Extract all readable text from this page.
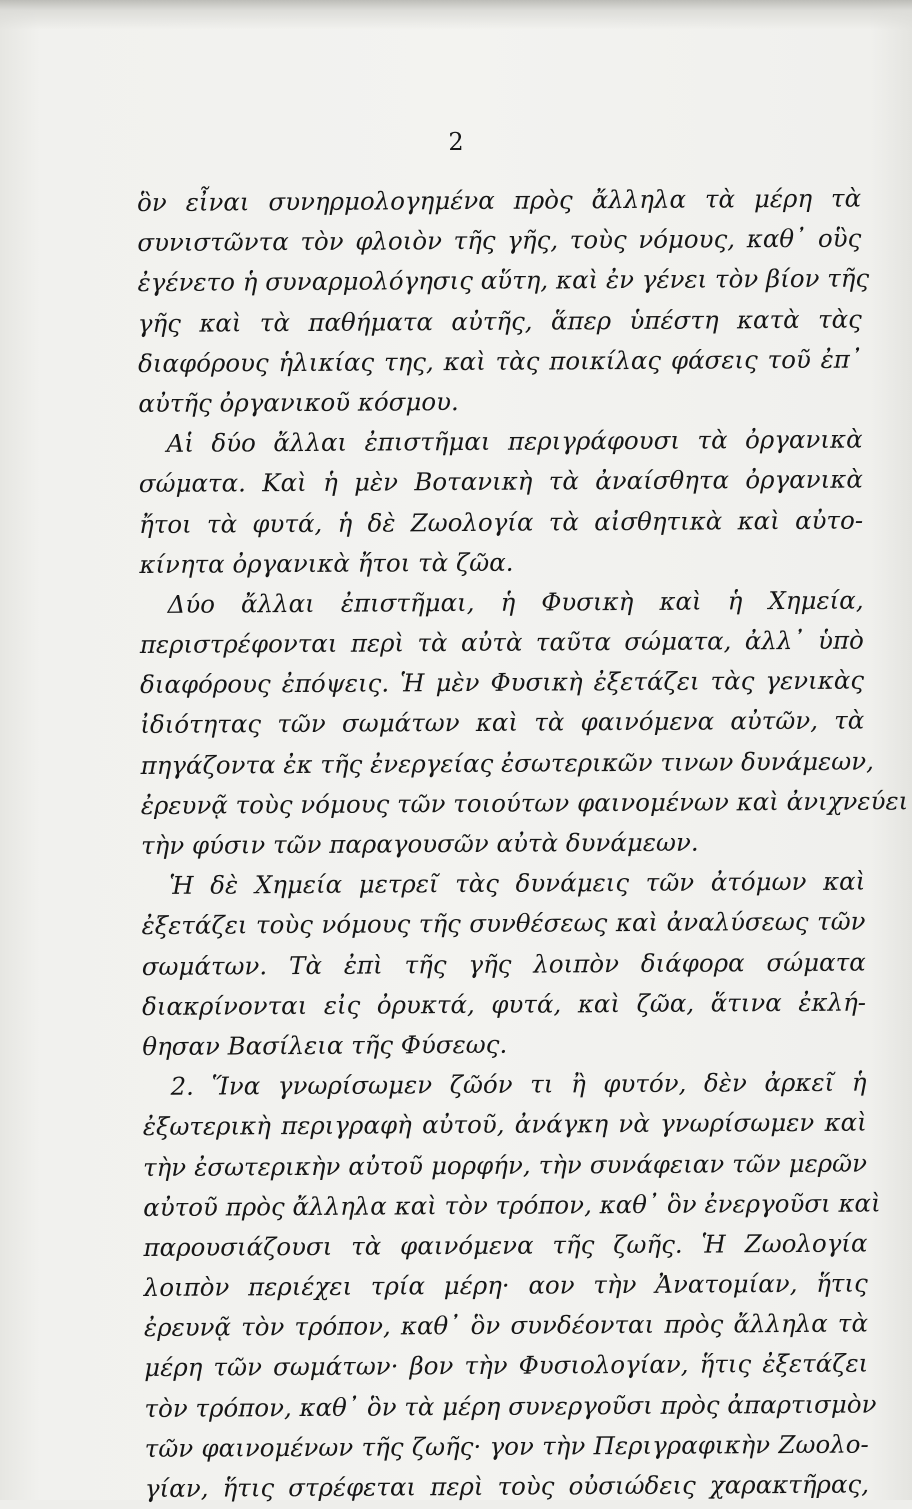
2
ὃν εἶναι συνηρμολογημένα πρὸς ἄλληλα τὰ μέρη τὰ
συνιστῶντα τὸν φλοιὸν τῆς γῆς, τοὺς νόμους, καθ᾽ οὓς
ἐγένετο ἡ συναρμολόγησις αὕτη, καὶ ἐν γένει τὸν βίον τῆς
γῆς καὶ τὰ παθήματα αὐτῆς, ἅπερ ὑπέστη κατὰ τὰς
διαφόρους ἡλικίας της, καὶ τὰς ποικίλας φάσεις τοῦ ἐπ᾽
αὐτῆς ὀργανικοῦ κόσμου.
Αἱ δύο ἄλλαι ἐπιστῆμαι περιγράφουσι τὰ ὀργανικὰ
σώματα. Καὶ ἡ μὲν Βοτανικὴ τὰ ἀναίσθητα ὀργανικὰ
ἤτοι τὰ φυτά, ἡ δὲ Ζωολογία τὰ αἰσθητικὰ καὶ αὐτο-
κίνητα ὀργανικὰ ἤτοι τὰ ζῶα.
Δύο ἄλλαι ἐπιστῆμαι, ἡ Φυσικὴ καὶ ἡ Χημεία,
περιστρέφονται περὶ τὰ αὐτὰ ταῦτα σώματα, ἀλλ᾽ ὑπὸ
διαφόρους ἐπόψεις. Ἡ μὲν Φυσικὴ ἐξετάζει τὰς γενικὰς
ἰδιότητας τῶν σωμάτων καὶ τὰ φαινόμενα αὐτῶν, τὰ
πηγάζοντα ἐκ τῆς ἐνεργείας ἐσωτερικῶν τινων δυνάμεων,
ἐρευνᾷ τοὺς νόμους τῶν τοιούτων φαινομένων καὶ ἀνιχνεύει
τὴν φύσιν τῶν παραγουσῶν αὐτὰ δυνάμεων.
Ἡ δὲ Χημεία μετρεῖ τὰς δυνάμεις τῶν ἀτόμων καὶ
ἐξετάζει τοὺς νόμους τῆς συνθέσεως καὶ ἀναλύσεως τῶν
σωμάτων. Τὰ ἐπὶ τῆς γῆς λοιπὸν διάφορα σώματα
διακρίνονται εἰς ὀρυκτά, φυτά, καὶ ζῶα, ἅτινα ἐκλή-
θησαν Βασίλεια τῆς Φύσεως.
2. Ἵνα γνωρίσωμεν ζῶόν τι ἢ φυτόν, δὲν ἀρκεῖ ἡ
ἐξωτερικὴ περιγραφὴ αὐτοῦ, ἀνάγκη νὰ γνωρίσωμεν καὶ
τὴν ἐσωτερικὴν αὐτοῦ μορφήν, τὴν συνάφειαν τῶν μερῶν
αὐτοῦ πρὸς ἄλληλα καὶ τὸν τρόπον, καθ᾽ ὃν ἐνεργοῦσι καὶ
παρουσιάζουσι τὰ φαινόμενα τῆς ζωῆς. Ἡ Ζωολογία
λοιπὸν περιέχει τρία μέρη· αον τὴν Ἀνατομίαν, ἥτις
ἐρευνᾷ τὸν τρόπον, καθ᾽ ὃν συνδέονται πρὸς ἄλληλα τὰ
μέρη τῶν σωμάτων· βον τὴν Φυσιολογίαν, ἥτις ἐξετάζει
τὸν τρόπον, καθ᾽ ὃν τὰ μέρη συνεργοῦσι πρὸς ἀπαρτισμὸν
τῶν φαινομένων τῆς ζωῆς· γον τὴν Περιγραφικὴν Ζωολο-
γίαν, ἥτις στρέφεται περὶ τοὺς οὐσιώδεις χαρακτῆρας,
